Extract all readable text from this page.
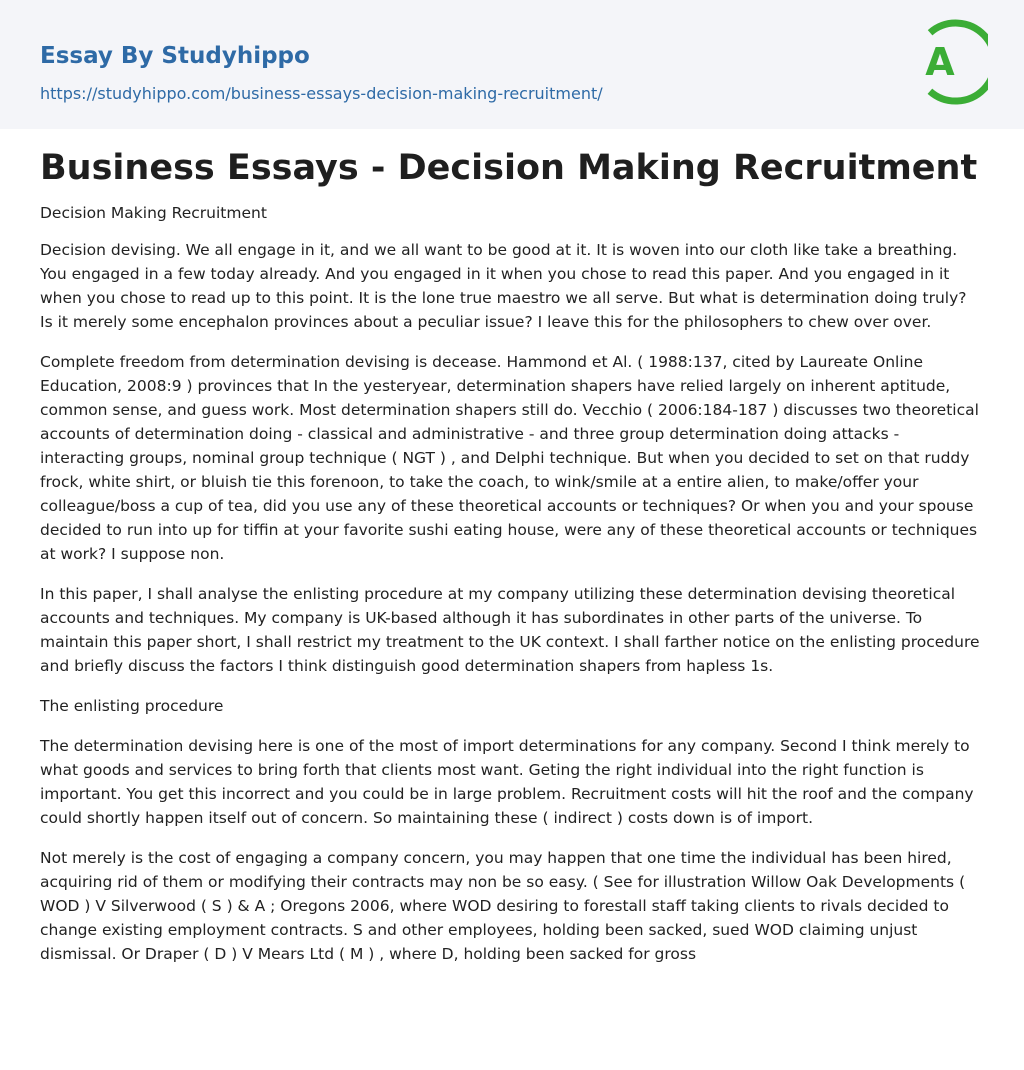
Essay By Studyhippo
https://studyhippo.com/business-essays-decision-making-recruitment/
A
Business Essays - Decision Making Recruitment

Decision Making Recruitment

Decision devising. We all engage in it, and we all want to be good at it. It is woven into our cloth like take a breathing. You engaged in a few today already. And you engaged in it when you chose to read this paper. And you engaged in it when you chose to read up to this point. It is the lone true maestro we all serve. But what is determination doing truly? Is it merely some encephalon provinces about a peculiar issue? I leave this for the philosophers to chew over over.

Complete freedom from determination devising is decease. Hammond et Al. ( 1988:137, cited by Laureate Online Education, 2008:9 ) provinces that In the yesteryear, determination shapers have relied largely on inherent aptitude, common sense, and guess work. Most determination shapers still do. Vecchio ( 2006:184-187 ) discusses two theoretical accounts of determination doing - classical and administrative - and three group determination doing attacks - interacting groups, nominal group technique ( NGT ) , and Delphi technique. But when you decided to set on that ruddy frock, white shirt, or bluish tie this forenoon, to take the coach, to wink/smile at a entire alien, to make/offer your colleague/boss a cup of tea, did you use any of these theoretical accounts or techniques? Or when you and your spouse decided to run into up for tiffin at your favorite sushi eating house, were any of these theoretical accounts or techniques at work? I suppose non.

In this paper, I shall analyse the enlisting procedure at my company utilizing these determination devising theoretical accounts and techniques. My company is UK-based although it has subordinates in other parts of the universe. To maintain this paper short, I shall restrict my treatment to the UK context. I shall farther notice on the enlisting procedure and briefly discuss the factors I think distinguish good determination shapers from hapless 1s.

The enlisting procedure

The determination devising here is one of the most of import determinations for any company. Second I think merely to what goods and services to bring forth that clients most want. Geting the right individual into the right function is important. You get this incorrect and you could be in large problem. Recruitment costs will hit the roof and the company could shortly happen itself out of concern. So maintaining these ( indirect ) costs down is of import.

Not merely is the cost of engaging a company concern, you may happen that one time the individual has been hired, acquiring rid of them or modifying their contracts may non be so easy. ( See for illustration Willow Oak Developments ( WOD ) V Silverwood ( S ) & A ; Oregons 2006, where WOD desiring to forestall staff taking clients to rivals decided to change existing employment contracts. S and other employees, holding been sacked, sued WOD claiming unjust dismissal. Or Draper ( D ) V Mears Ltd ( M ) , where D, holding been sacked for gross
